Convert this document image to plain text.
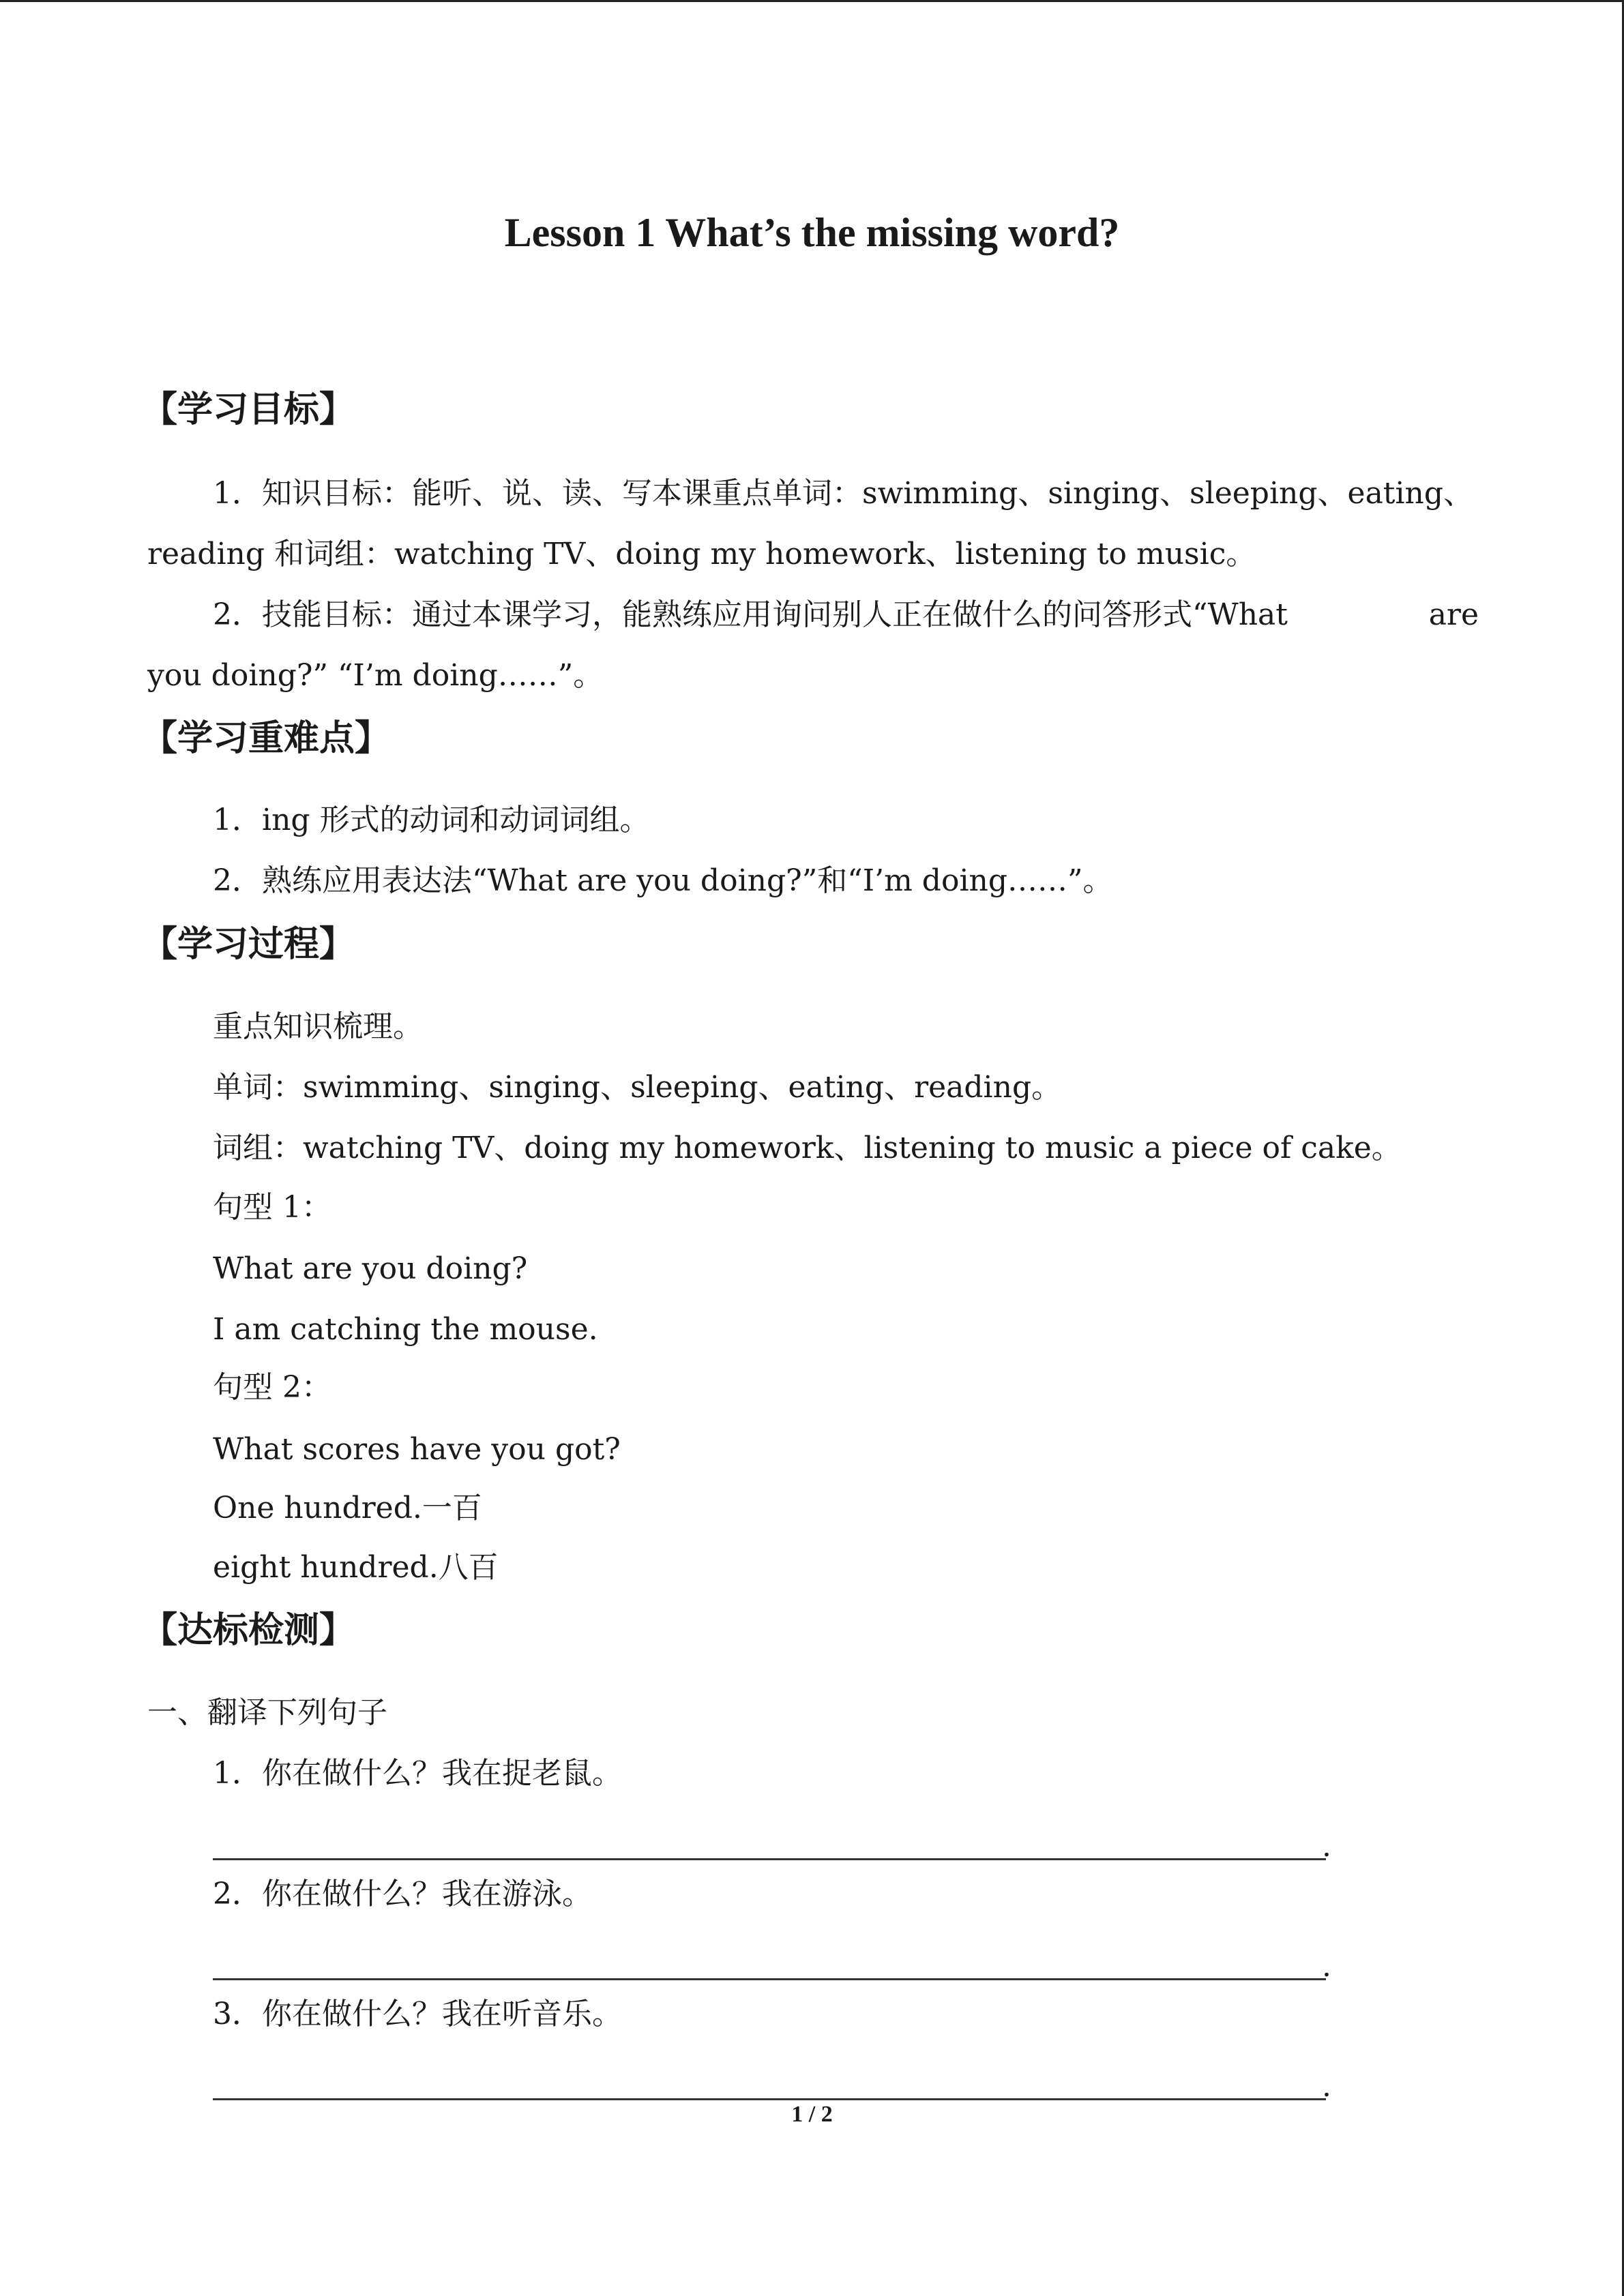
Lesson 1 What’s the missing word?
【学习目标】
1．知识目标：能听、说、读、写本课重点单词：swimming、singing、sleeping、eating、
reading 和词组：watching TV、doing my homework、listening to music。
2．技能目标：通过本课学习，能熟练应用询问别人正在做什么的问答形式“What	are
you doing?” “I’m doing……”。
【学习重难点】
1．ing 形式的动词和动词词组。
2．熟练应用表达法“What are you doing?”和“I’m doing……”。
【学习过程】
重点知识梳理。
单词：swimming、singing、sleeping、eating、reading。
词组：watching TV、doing my homework、listening to music a piece of cake。
句型 1：
What are you doing?
I am catching the mouse.
句型 2：
What scores have you got?
One hundred.一百
eight hundred.八百
【达标检测】
一、翻译下列句子
1．你在做什么？我在捉老鼠。
.
2．你在做什么？我在游泳。
.
3．你在做什么？我在听音乐。
.
1 / 2
